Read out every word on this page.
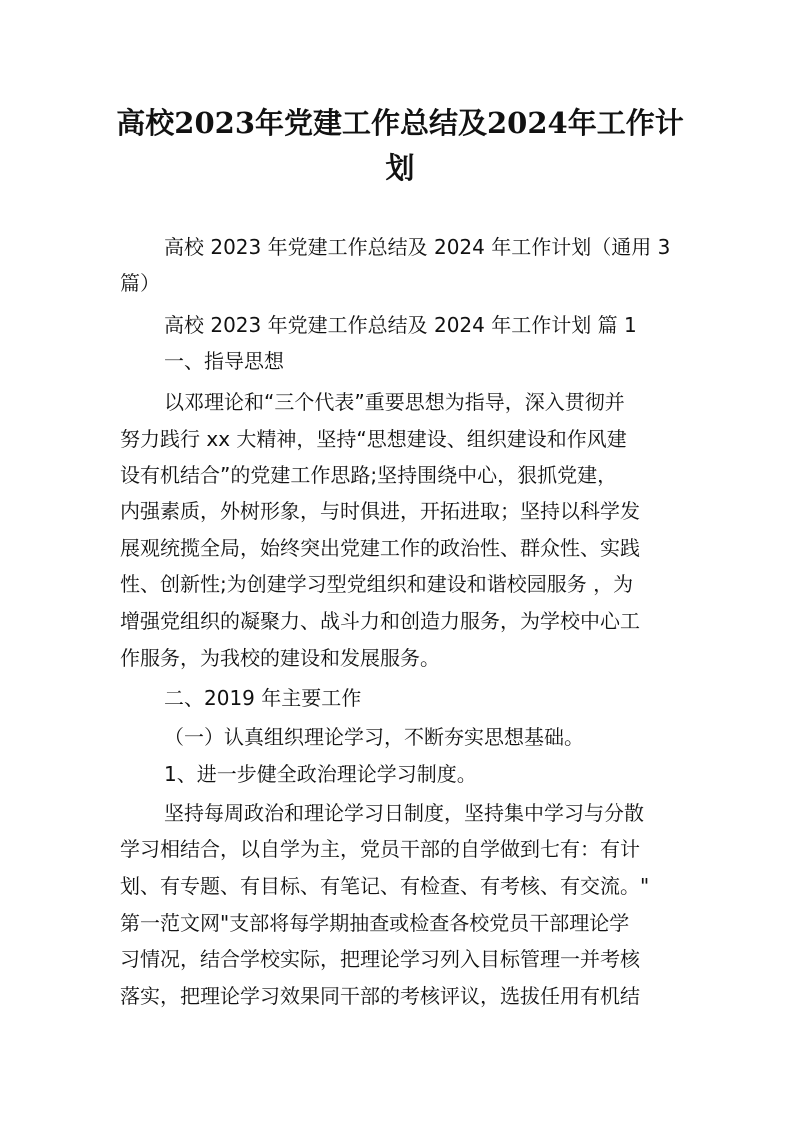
高校2023年党建工作总结及2024年工作计
划

高校 2023 年党建工作总结及 2024 年工作计划（通用 3

篇）

高校 2023 年党建工作总结及 2024 年工作计划 篇 1

一、指导思想

以邓理论和“三个代表”重要思想为指导，深入贯彻并

努力践行 xx 大精神，坚持“思想建设、组织建设和作风建

设有机结合”的党建工作思路;坚持围绕中心，狠抓党建，

内强素质，外树形象，与时俱进，开拓进取；坚持以科学发

展观统揽全局，始终突出党建工作的政治性、群众性、实践

性、创新性;为创建学习型党组织和建设和谐校园服务 ，为

增强党组织的凝聚力、战斗力和创造力服务，为学校中心工

作服务，为我校的建设和发展服务。

二、2019 年主要工作

（一）认真组织理论学习，不断夯实思想基础。

1、进一步健全政治理论学习制度。

坚持每周政治和理论学习日制度，坚持集中学习与分散

学习相结合，以自学为主，党员干部的自学做到七有：有计

划、有专题、有目标、有笔记、有检查、有考核、有交流。"

第一范文网"支部将每学期抽查或检查各校党员干部理论学

习情况，结合学校实际，把理论学习列入目标管理一并考核

落实，把理论学习效果同干部的考核评议，选拔任用有机结
